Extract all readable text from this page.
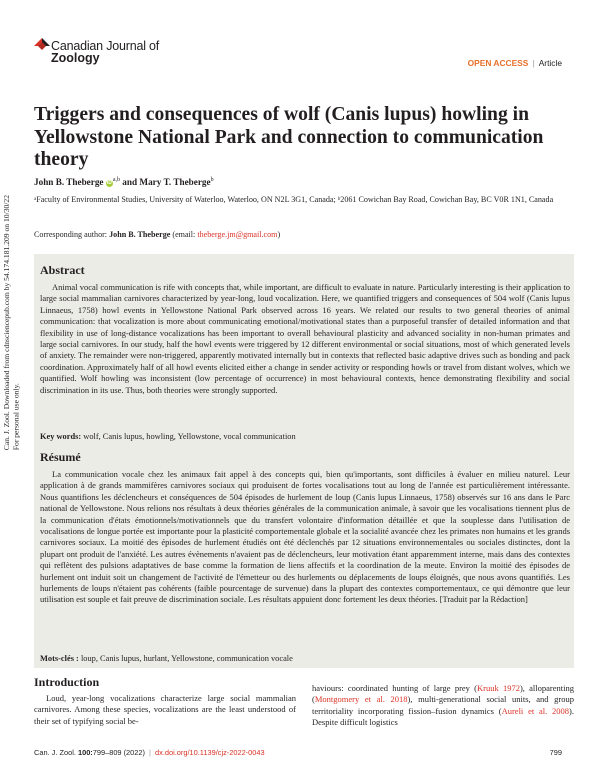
Can. J. Zool. Downloaded from cdnsciencepub.com by 54.174.181.209 on 10/30/22
For personal use only.
Canadian Journal of
Zoology	OPEN ACCESS | Article
Triggers and consequences of wolf (Canis lupus) howling in Yellowstone National Park and connection to communication theory
John B. Theberge iD$^{a,b}$ and Mary T. Theberge$^b$
ᵃFaculty of Environmental Studies, University of Waterloo, Waterloo, ON N2L 3G1, Canada; ᵇ2061 Cowichan Bay Road, Cowichan Bay, BC V0R 1N1, Canada
Corresponding author: John B. Theberge (email: theberge.jm@gmail.com)
Abstract

Animal vocal communication is rife with concepts that, while important, are difficult to evaluate in nature. Particularly interesting is their application to large social mammalian carnivores characterized by year-long, loud vocalization. Here, we quantified triggers and consequences of 504 wolf (Canis lupus Linnaeus, 1758) howl events in Yellowstone National Park observed across 16 years. We related our results to two general theories of animal communication: that vocalization is more about communicating emotional/motivational states than a purposeful transfer of detailed information and that flexibility in use of long-distance vocalizations has been important to overall behavioural plasticity and advanced sociality in non-human primates and large social carnivores. In our study, half the howl events were triggered by 12 different environmental or social situations, most of which generated levels of anxiety. The remainder were non-triggered, apparently motivated internally but in contexts that reflected basic adaptive drives such as bonding and pack coordination. Approximately half of all howl events elicited either a change in sender activity or responding howls or travel from distant wolves, which we quantified. Wolf howling was inconsistent (low percentage of occurrence) in most behavioural contexts, hence demonstrating flexibility and social discrimination in its use. Thus, both theories were strongly supported.

Key words: wolf, Canis lupus, howling, Yellowstone, vocal communication
Résumé

La communication vocale chez les animaux fait appel à des concepts qui, bien qu'importants, sont difficiles à évaluer en milieu naturel. Leur application à de grands mammifères carnivores sociaux qui produisent de fortes vocalisations tout au long de l'année est particulièrement intéressante. Nous quantifions les déclencheurs et conséquences de 504 épisodes de hurlement de loup (Canis lupus Linnaeus, 1758) observés sur 16 ans dans le Parc national de Yellowstone. Nous relions nos résultats à deux théories générales de la communication animale, à savoir que les vocalisations tiennent plus de la communication d'états émotionnels/motivationnels que du transfert volontaire d'information détaillée et que la souplesse dans l'utilisation de vocalisations de longue portée est importante pour la plasticité comportementale globale et la socialité avancée chez les primates non humains et les grands carnivores sociaux. La moitié des épisodes de hurlement étudiés ont été déclenchés par 12 situations environnementales ou sociales distinctes, dont la plupart ont produit de l'anxiété. Les autres évènements n'avaient pas de déclencheurs, leur motivation étant apparemment interne, mais dans des contextes qui reflètent des pulsions adaptatives de base comme la formation de liens affectifs et la coordination de la meute. Environ la moitié des épisodes de hurlement ont induit soit un changement de l'activité de l'émetteur ou des hurlements ou déplacements de loups éloignés, que nous avons quantifiés. Les hurlements de loups n'étaient pas cohérents (faible pourcentage de survenue) dans la plupart des contextes comportementaux, ce qui démontre que leur utilisation est souple et fait preuve de discrimination sociale. Les résultats appuient donc fortement les deux théories. [Traduit par la Rédaction]

Mots-clés : loup, Canis lupus, hurlant, Yellowstone, communication vocale
Introduction

Loud, year-long vocalizations characterize large social mammalian carnivores. Among these species, vocalizations are the least understood of their set of typifying social be-

haviours: coordinated hunting of large prey (Kruuk 1972), alloparenting (Montgomery et al. 2018), multi-generational social units, and group territoriality incorporating fission–fusion dynamics (Aureli et al. 2008). Despite difficult logistics

Can. J. Zool. 100:799–809 (2022) | dx.doi.org/10.1139/cjz-2022-0043	799
